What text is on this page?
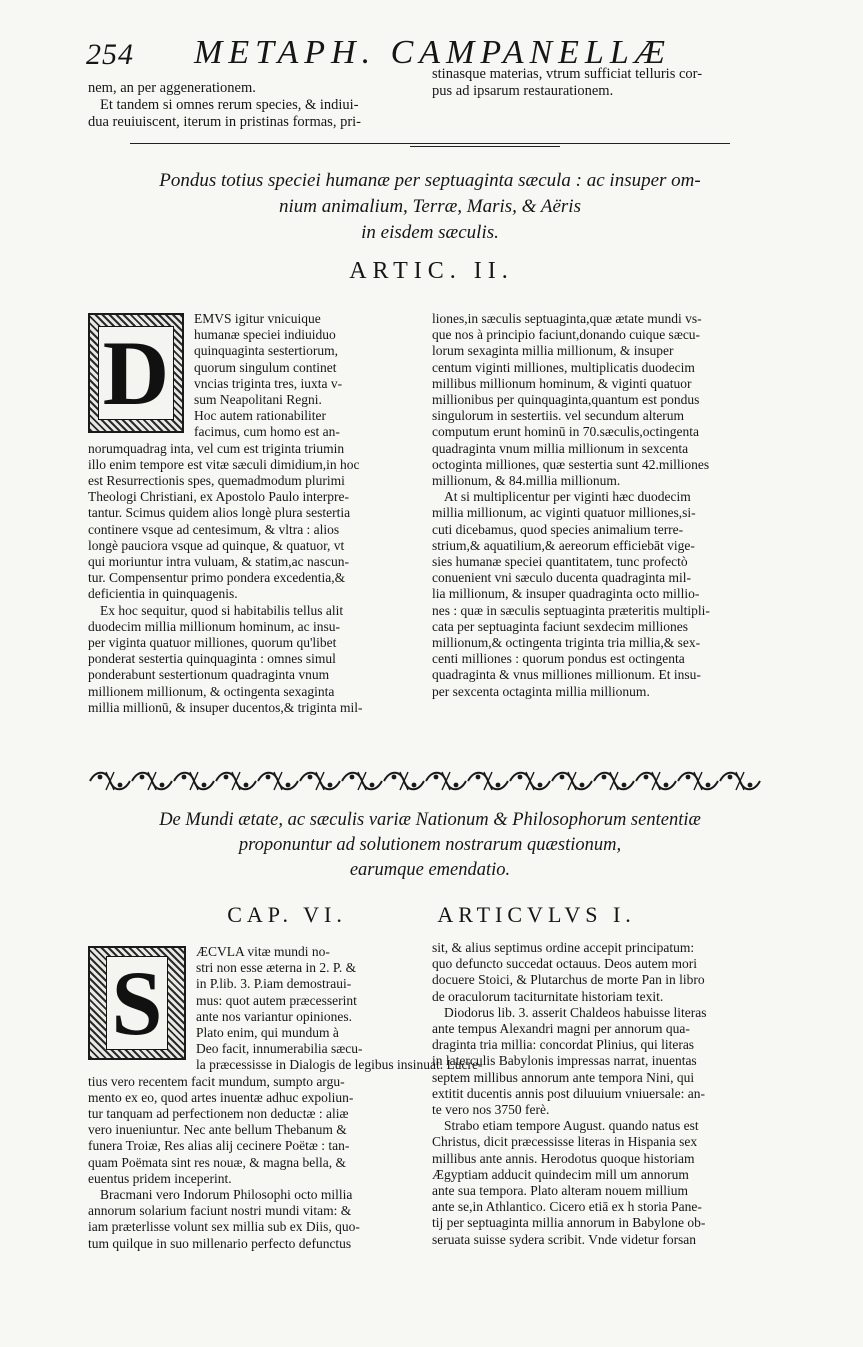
254 METAPH. CAMPANELLÆ

nem, an per aggenerationem.

Et tandem si omnes rerum species, & indiui-

dua reuiuiscent, iterum in pristinas formas, pri-

stinasque materias, vtrum sufficiat telluris cor-

pus ad ipsarum restaurationem.

Pondus totius speciei humanæ per septuaginta sæcula : ac insuper om-
nium animalium, Terræ, Maris, & Aëris
in eisdem sæculis.
ARTIC. II.
D
EMVS igitur vnicuique
humanæ speciei indiuiduo
quinquaginta sestertiorum,
quorum singulum continet
vncias triginta tres, iuxta v-
sum Neapolitani Regni.
Hoc autem rationabiliter
facimus, cum homo est an-
norumquadrag inta, vel cum est triginta triumin
illo enim tempore est vitæ sæculi dimidium,in hoc
est Resurrectionis spes, quemadmodum plurimi
Theologi Christiani, ex Apostolo Paulo interpre-
tantur. Scimus quidem alios longè plura sestertia
continere vsque ad centesimum, & vltra : alios
longè pauciora vsque ad quinque, & quatuor, vt
qui moriuntur intra vuluam, & statim,ac nascun-
tur. Compensentur primo pondera excedentia,&
deficientia in quinquagenis.
Ex hoc sequitur, quod si habitabilis tellus alit
duodecim millia millionum hominum, ac insu-
per viginta quatuor milliones, quorum qu'libet
ponderat sestertia quinquaginta : omnes simul
ponderabunt sestertionum quadraginta vnum
millionem millionum, & octingenta sexaginta
millia millionū, & insuper ducentos,& triginta mil-
liones,in sæculis septuaginta,quæ ætate mundi vs-
que nos à principio faciunt,donando cuique sæcu-
lorum sexaginta millia millionum, & insuper
centum viginti milliones, multiplicatis duodecim
millibus millionum hominum, & viginti quatuor
millionibus per quinquaginta,quantum est pondus
singulorum in sestertiis. vel secundum alterum
computum erunt hominū in 70.sæculis,octingenta
quadraginta vnum millia millionum in sexcenta
octoginta milliones, quæ sestertia sunt 42.milliones
millionum, & 84.millia millionum.
At si multiplicentur per viginti hæc duodecim
millia millionum, ac viginti quatuor milliones,si-
cuti dicebamus, quod species animalium terre-
strium,& aquatilium,& aereorum efficiebāt vige-
sies humanæ speciei quantitatem, tunc profectò
conuenient vni sæculo ducenta quadraginta mil-
lia millionum, & insuper quadraginta octo millio-
nes : quæ in sæculis septuaginta præteritis multipli-
cata per septuaginta faciunt sexdecim milliones
millionum,& octingenta triginta tria millia,& sex-
centi milliones : quorum pondus est octingenta
quadraginta & vnus milliones millionum. Et insu-
per sexcenta octaginta millia millionum.
De Mundi ætate, ac sæculis variæ Nationum & Philosophorum sententiæ
proponuntur ad solutionem nostrarum quæstionum,
earumque emendatio.
CAP. VI.	ARTICVLVS I.
S
ÆCVLA vitæ mundi no-
stri non esse æterna in 2. P. &
in P.lib. 3. P.iam demostraui-
mus: quot autem præcesserint
ante nos variantur opiniones.
Plato enim, qui mundum à
Deo facit, innumerabilia sæcu-
la præcessisse in Dialogis de legibus insinuat. Lucre-
tius vero recentem facit mundum, sumpto argu-
mento ex eo, quod artes inuentæ adhuc expoliun-
tur tanquam ad perfectionem non deductæ : aliæ
vero inueniuntur. Nec ante bellum Thebanum &
funera Troiæ, Res alias alij cecinere Poëtæ : tan-
quam Poëmata sint res nouæ, & magna bella, &
euentus pridem inceperint.
Bracmani vero Indorum Philosophi octo millia
annorum solarium faciunt nostri mundi vitam: &
iam præterlisse volunt sex millia sub ex Diis, quo-
tum quilque in suo millenario perfecto defunctus
sit, & alius septimus ordine accepit principatum:
quo defuncto succedat octauus. Deos autem mori
docuere Stoici, & Plutarchus de morte Pan in libro
de oraculorum taciturnitate historiam texit.
Diodorus lib. 3. asserit Chaldeos habuisse literas
ante tempus Alexandri magni per annorum qua-
draginta tria millia: concordat Plinius, qui literas
in laterculis Babylonis impressas narrat, inuentas
septem millibus annorum ante tempora Nini, qui
extitit ducentis annis post diluuium vniuersale: an-
te vero nos 3750 ferè.
Strabo etiam tempore August. quando natus est
Christus, dicit præcessisse literas in Hispania sex
millibus ante annis. Herodotus quoque historiam
Ægyptiam adducit quindecim mill um annorum
ante sua tempora. Plato alteram nouem millium
ante se,in Athlantico. Cicero etiā ex h storia Pane-
tij per septuaginta millia annorum in Babylone ob-
seruata suisse sydera scribit. Vnde videtur forsan
